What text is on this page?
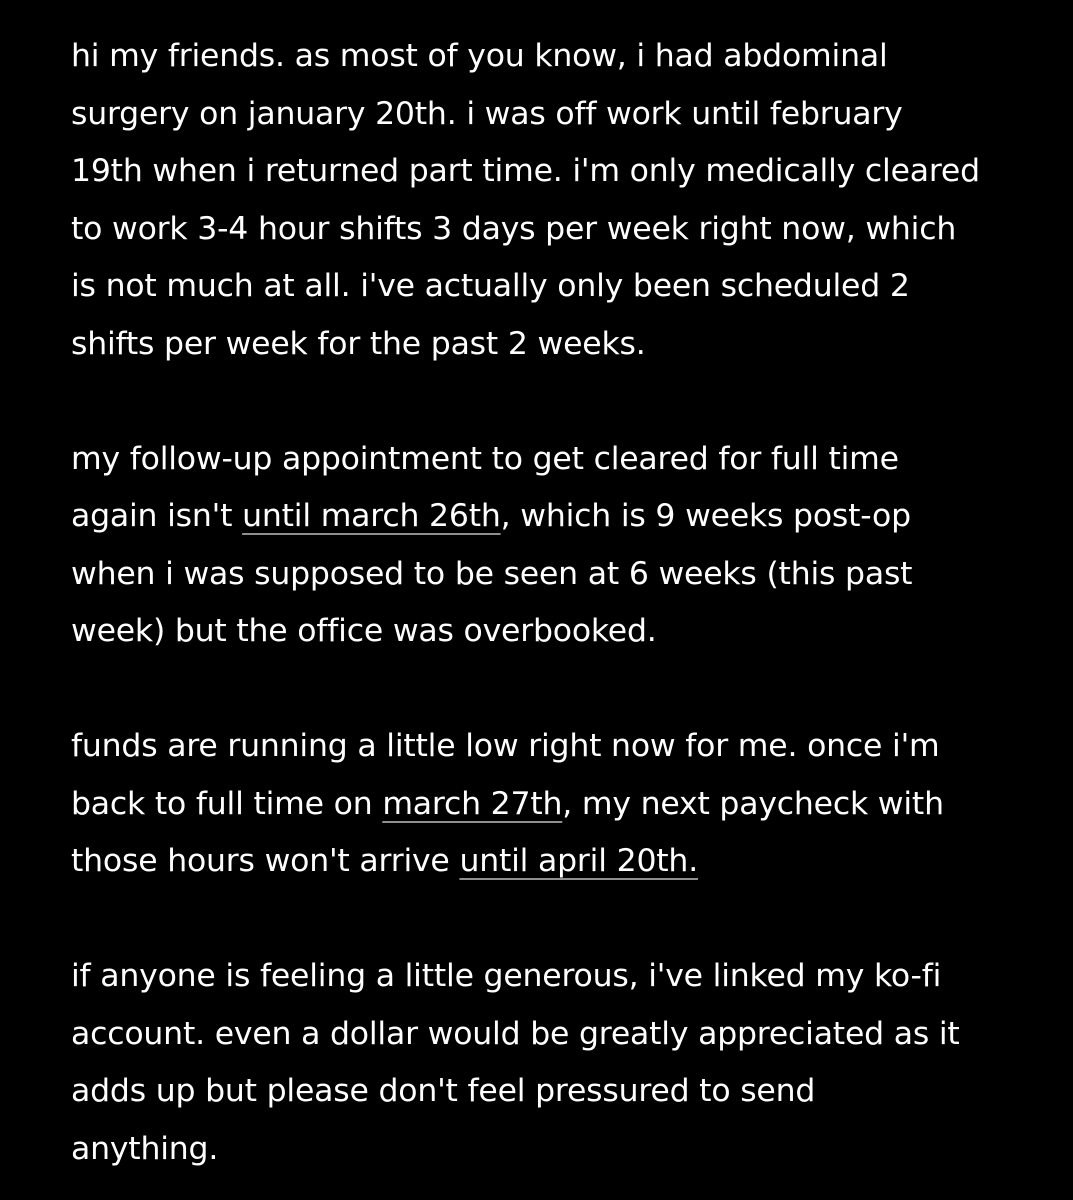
hi my friends. as most of you know, i had abdominal
surgery on january 20th. i was off work until february
19th when i returned part time. i'm only medically cleared
to work 3-4 hour shifts 3 days per week right now, which
is not much at all. i've actually only been scheduled 2
shifts per week for the past 2 weeks.

my follow-up appointment to get cleared for full time
again isn't until march 26th, which is 9 weeks post-op
when i was supposed to be seen at 6 weeks (this past
week) but the office was overbooked.

funds are running a little low right now for me. once i'm
back to full time on march 27th, my next paycheck with
those hours won't arrive until april 20th.

if anyone is feeling a little generous, i've linked my ko-fi
account. even a dollar would be greatly appreciated as it
adds up but please don't feel pressured to send
anything.
